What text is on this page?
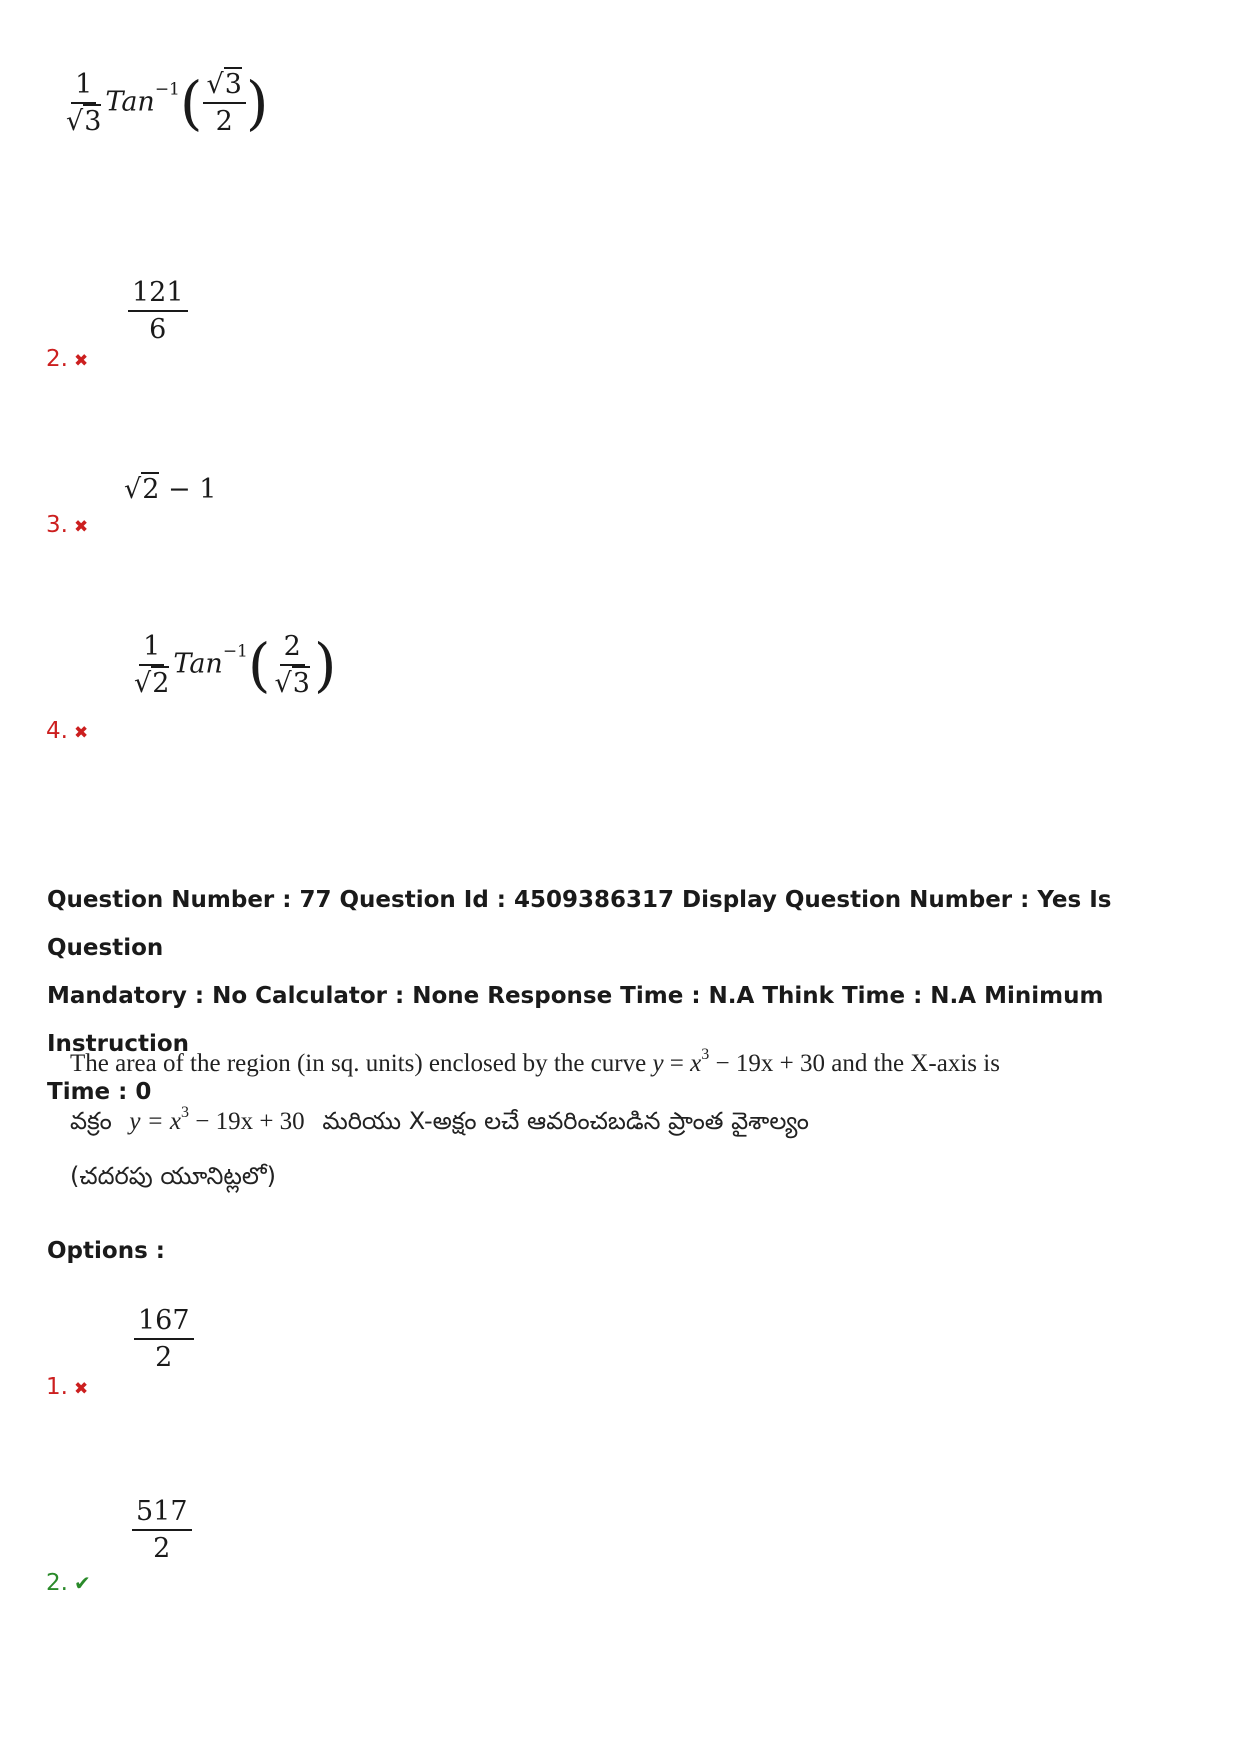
$\frac{1}{√3} Tan^{-1}( \frac{√3}{2}$ )
$\frac{121}{6}$
2. ✖
√2 − 1
3. ✖
$\frac{1}{√2} Tan^{-1}( \frac{2}{√3}$ )
4. ✖
Question Number : 77 Question Id : 4509386317 Display Question Number : Yes Is Question
Mandatory : No Calculator : None Response Time : N.A Think Time : N.A Minimum Instruction
Time : 0
The area of the region (in sq. units) enclosed by the curve $y = x^3 - 19x + 30$ and the X-axis is
వక్రం $y = x^3 - 19x + 30$ మరియు X-అక్షం లచే ఆవరించబడిన ప్రాంత వైశాల్యం
(చదరపు యూనిట్లలో)
Options :
$\frac{167}{2}$
1. ✖
$\frac{517}{2}$
2. ✔
